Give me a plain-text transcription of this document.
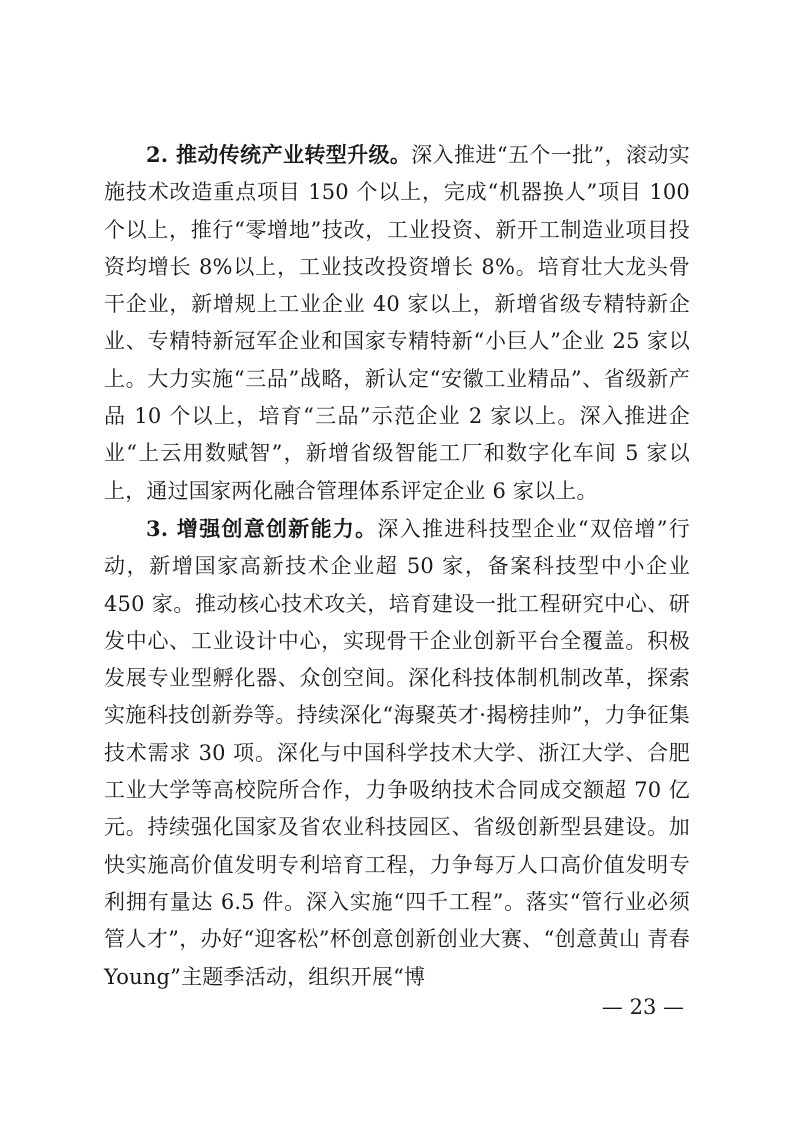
2. 推动传统产业转型升级。深入推进“五个一批”，滚动实施技术改造重点项目 150 个以上，完成“机器换人”项目 100 个以上，推行“零增地”技改，工业投资、新开工制造业项目投资均增长 8%以上，工业技改投资增长 8%。培育壮大龙头骨干企业，新增规上工业企业 40 家以上，新增省级专精特新企业、专精特新冠军企业和国家专精特新“小巨人”企业 25 家以上。大力实施“三品”战略，新认定“安徽工业精品”、省级新产品 10 个以上，培育“三品”示范企业 2 家以上。深入推进企业“上云用数赋智”，新增省级智能工厂和数字化车间 5 家以上，通过国家两化融合管理体系评定企业 6 家以上。

3. 增强创意创新能力。深入推进科技型企业“双倍增”行动，新增国家高新技术企业超 50 家，备案科技型中小企业 450 家。推动核心技术攻关，培育建设一批工程研究中心、研发中心、工业设计中心，实现骨干企业创新平台全覆盖。积极发展专业型孵化器、众创空间。深化科技体制机制改革，探索实施科技创新券等。持续深化“海聚英才·揭榜挂帅”，力争征集技术需求 30 项。深化与中国科学技术大学、浙江大学、合肥工业大学等高校院所合作，力争吸纳技术合同成交额超 70 亿元。持续强化国家及省农业科技园区、省级创新型县建设。加快实施高价值发明专利培育工程，力争每万人口高价值发明专利拥有量达 6.5 件。深入实施“四千工程”。落实“管行业必须管人才”，办好“迎客松”杯创意创新创业大赛、“创意黄山 青春Young”主题季活动，组织开展“博

— 23 —
